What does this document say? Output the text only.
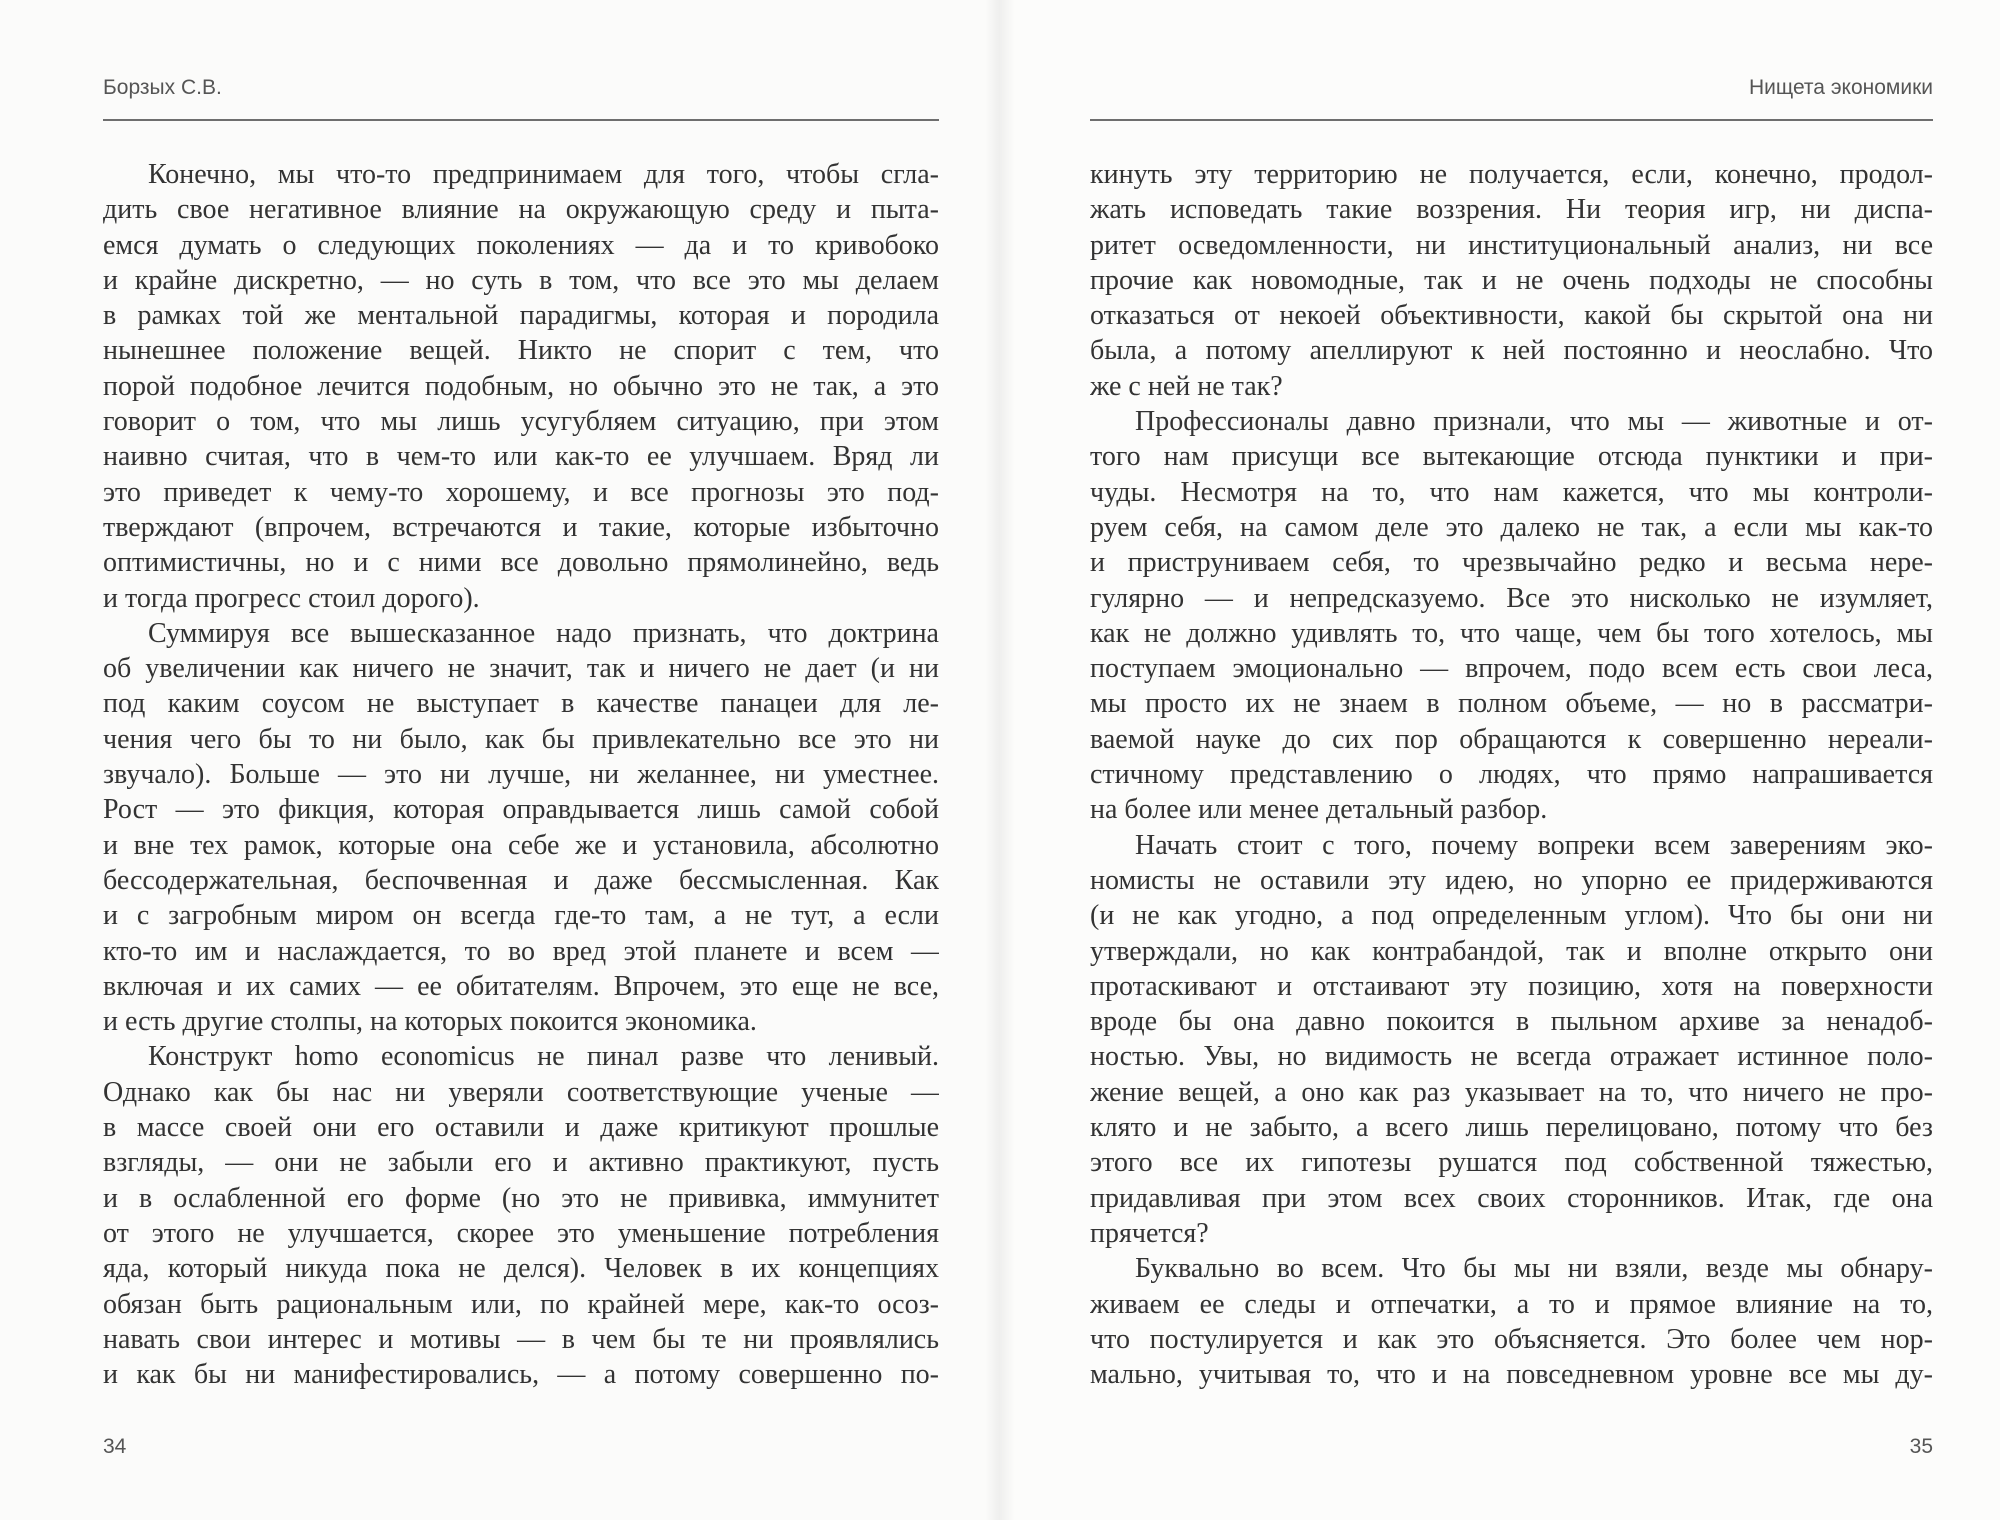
Борзых С.В.
Конечно, мы что-то предпринимаем для того, чтобы сгла-
дить свое негативное влияние на окружающую среду и пыта-
емся думать о следующих поколениях — да и то кривобоко
и крайне дискретно, — но суть в том, что все это мы делаем
в рамках той же ментальной парадигмы, которая и породила
нынешнее положение вещей. Никто не спорит с тем, что
порой подобное лечится подобным, но обычно это не так, а это
говорит о том, что мы лишь усугубляем ситуацию, при этом
наивно считая, что в чем-то или как-то ее улучшаем. Вряд ли
это приведет к чему-то хорошему, и все прогнозы это под-
тверждают (впрочем, встречаются и такие, которые избыточно
оптимистичны, но и с ними все довольно прямолинейно, ведь
и тогда прогресс стоил дорого).
Суммируя все вышесказанное надо признать, что доктрина
об увеличении как ничего не значит, так и ничего не дает (и ни
под каким соусом не выступает в качестве панацеи для ле-
чения чего бы то ни было, как бы привлекательно все это ни
звучало). Больше — это ни лучше, ни желаннее, ни уместнее.
Рост — это фикция, которая оправдывается лишь самой собой
и вне тех рамок, которые она себе же и установила, абсолютно
бессодержательная, беспочвенная и даже бессмысленная. Как
и с загробным миром он всегда где-то там, а не тут, а если
кто-то им и наслаждается, то во вред этой планете и всем —
включая и их самих — ее обитателям. Впрочем, это еще не все,
и есть другие столпы, на которых покоится экономика.
Конструкт homo economicus не пинал разве что ленивый.
Однако как бы нас ни уверяли соответствующие ученые —
в массе своей они его оставили и даже критикуют прошлые
взгляды, — они не забыли его и активно практикуют, пусть
и в ослабленной его форме (но это не прививка, иммунитет
от этого не улучшается, скорее это уменьшение потребления
яда, который никуда пока не делся). Человек в их концепциях
обязан быть рациональным или, по крайней мере, как-то осоз-
навать свои интерес и мотивы — в чем бы те ни проявлялись
и как бы ни манифестировались, — а потому совершенно по-
34
Нищета экономики
кинуть эту территорию не получается, если, конечно, продол-
жать исповедать такие воззрения. Ни теория игр, ни диспа-
ритет осведомленности, ни институциональный анализ, ни все
прочие как новомодные, так и не очень подходы не способны
отказаться от некоей объективности, какой бы скрытой она ни
была, а потому апеллируют к ней постоянно и неослабно. Что
же с ней не так?
Профессионалы давно признали, что мы — животные и от-
того нам присущи все вытекающие отсюда пунктики и при-
чуды. Несмотря на то, что нам кажется, что мы контроли-
руем себя, на самом деле это далеко не так, а если мы как-то
и приструниваем себя, то чрезвычайно редко и весьма нере-
гулярно — и непредсказуемо. Все это нисколько не изумляет,
как не должно удивлять то, что чаще, чем бы того хотелось, мы
поступаем эмоционально — впрочем, подо всем есть свои леса,
мы просто их не знаем в полном объеме, — но в рассматри-
ваемой науке до сих пор обращаются к совершенно нереали-
стичному представлению о людях, что прямо напрашивается
на более или менее детальный разбор.
Начать стоит с того, почему вопреки всем заверениям эко-
номисты не оставили эту идею, но упорно ее придерживаются
(и не как угодно, а под определенным углом). Что бы они ни
утверждали, но как контрабандой, так и вполне открыто они
протаскивают и отстаивают эту позицию, хотя на поверхности
вроде бы она давно покоится в пыльном архиве за ненадоб-
ностью. Увы, но видимость не всегда отражает истинное поло-
жение вещей, а оно как раз указывает на то, что ничего не про-
клято и не забыто, а всего лишь перелицовано, потому что без
этого все их гипотезы рушатся под собственной тяжестью,
придавливая при этом всех своих сторонников. Итак, где она
прячется?
Буквально во всем. Что бы мы ни взяли, везде мы обнару-
живаем ее следы и отпечатки, а то и прямое влияние на то,
что постулируется и как это объясняется. Это более чем нор-
мально, учитывая то, что и на повседневном уровне все мы ду-
35
